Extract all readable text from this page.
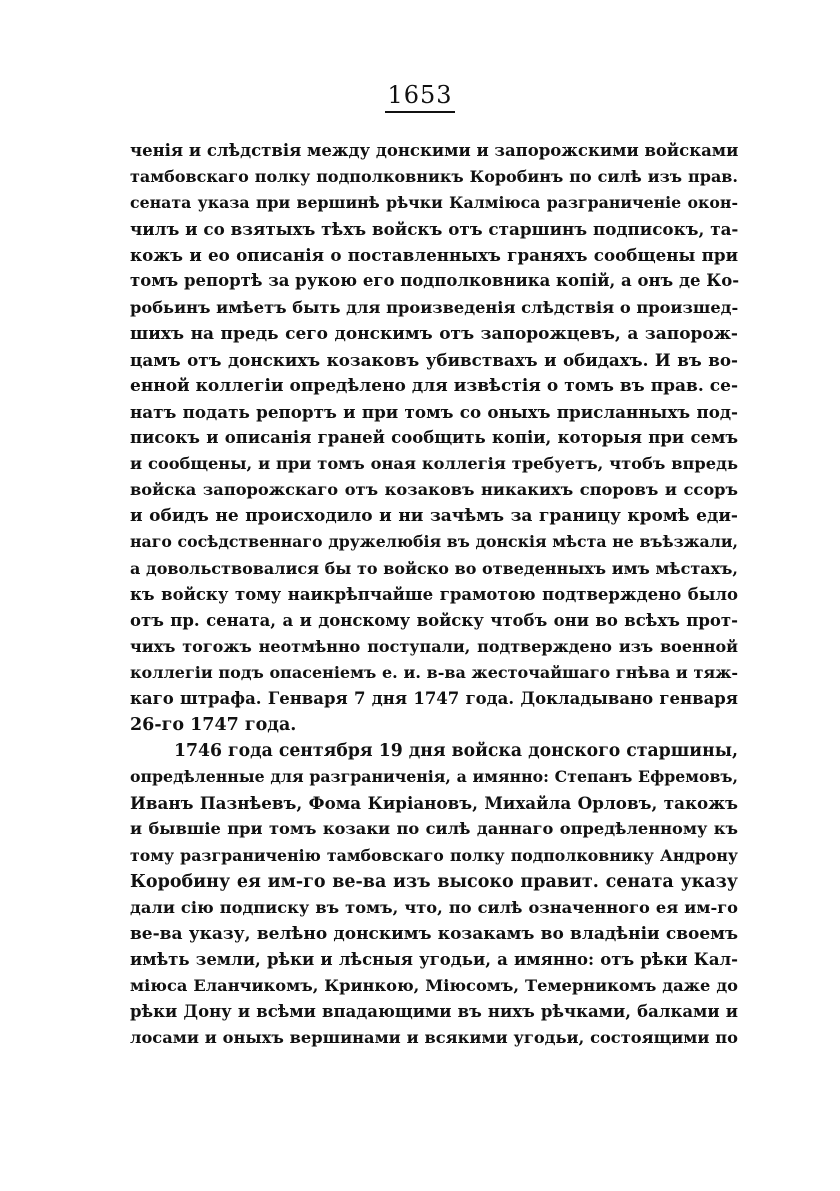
1653
ченія и слѣдствія между донскими и запорожскими войсками
тамбовскаго полку подполковникъ Коробинъ по силѣ изъ прав.
сената указа при вершинѣ рѣчки Калміюса разграниченіе окон-
чилъ и со взятыхъ тѣхъ войскъ отъ старшинъ подписокъ, та-
кожъ и ео описанія о поставленныхъ граняхъ сообщены при
томъ репортѣ за рукою его подполковника копій, а онъ де Ко-
робьинъ имѣетъ быть для произведенія слѣдствія о произшед-
шихъ на предь сего донскимъ отъ запорожцевъ, а запорож-
цамъ отъ донскихъ козаковъ убивствахъ и обидахъ. И въ во-
енной коллегіи опредѣлено для извѣстія о томъ въ прав. се-
натъ подать репортъ и при томъ со оныхъ присланныхъ под-
писокъ и описанія граней сообщить копіи, которыя при семъ
и сообщены, и при томъ оная коллегія требуетъ, чтобъ впредь
войска запорожскаго отъ козаковъ никакихъ споровъ и ссоръ
и обидъ не происходило и ни зачѣмъ за границу кромѣ еди-
наго сосѣдственнаго дружелюбія въ донскія мѣста не въѣзжали,
а довольствовалися бы то войско во отведенныхъ имъ мѣстахъ,
къ войску тому наикрѣпчайше грамотою подтверждено было
отъ пр. сената, а и донскому войску чтобъ они во всѣхъ прот-
чихъ тогожъ неотмѣнно поступали, подтверждено изъ военной
коллегіи подъ опасеніемъ е. и. в-ва жесточайшаго гнѣва и тяж-
каго штрафа. Генваря 7 дня 1747 года. Докладывано генваря
26-го 1747 года.
1746 года сентября 19 дня войска донского старшины,
опредѣленные для разграниченія, а имянно: Степанъ Ефремовъ,
Иванъ Пазнѣевъ, Фома Киріановъ, Михайла Орловъ, такожъ
и бывшіе при томъ козаки по силѣ даннаго опредѣленному къ
тому разграниченію тамбовскаго полку подполковнику Андрону
Коробину ея им-го ве-ва изъ высоко правит. сената указу
дали сію подписку въ томъ, что, по силѣ означенного ея им-го
ве-ва указу, велѣно донскимъ козакамъ во владѣніи своемъ
имѣть земли, рѣки и лѣсныя угодьи, а имянно: отъ рѣки Кал-
міюса Еланчикомъ, Кринкою, Міюсомъ, Темерникомъ даже до
рѣки Дону и всѣми впадающими въ нихъ рѣчками, балками и
лосами и оныхъ вершинами и всякими угодьи, состоящими по
